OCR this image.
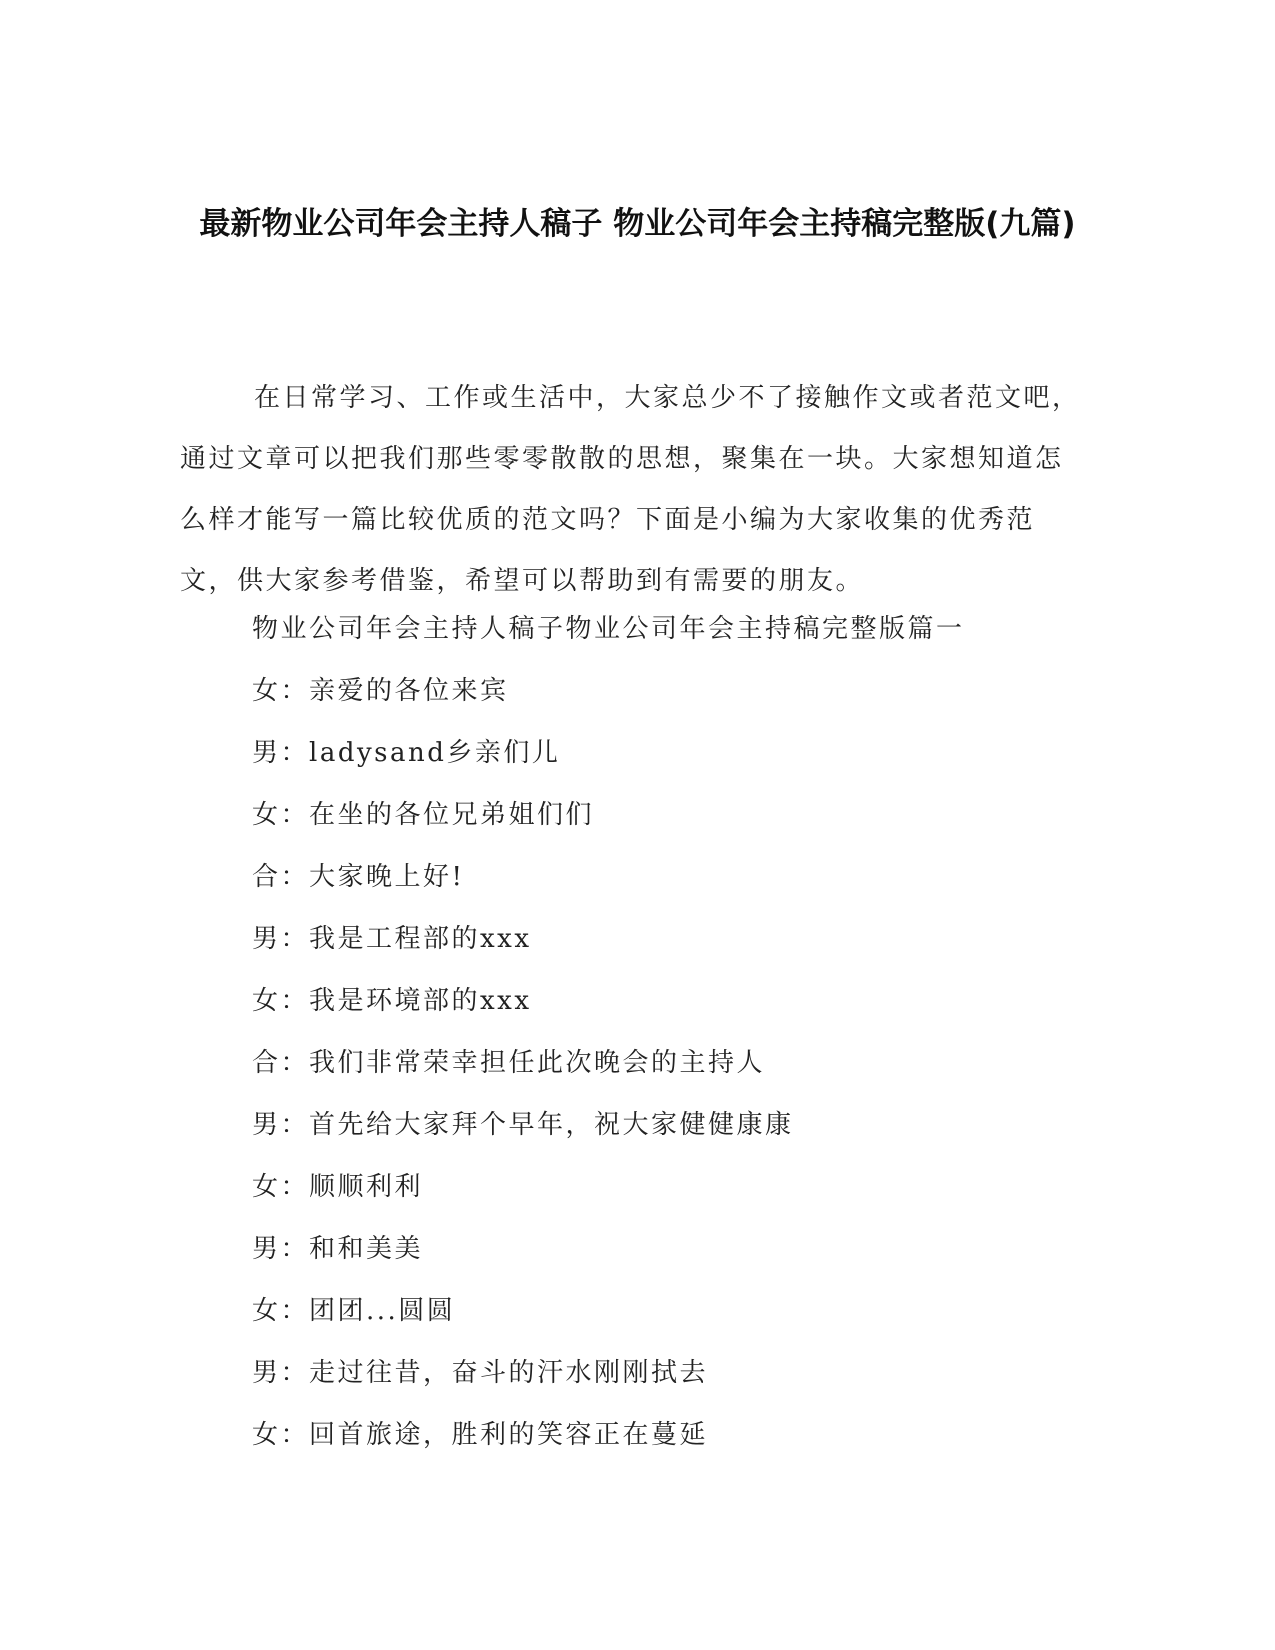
最新物业公司年会主持人稿子 物业公司年会主持稿完整版(九篇)

在日常学习、工作或生活中，大家总少不了接触作文或者范文吧，通过文章可以把我们那些零零散散的思想，聚集在一块。大家想知道怎么样才能写一篇比较优质的范文吗？下面是小编为大家收集的优秀范文，供大家参考借鉴，希望可以帮助到有需要的朋友。

物业公司年会主持人稿子物业公司年会主持稿完整版篇一
女：亲爱的各位来宾
男：ladysand乡亲们儿
女：在坐的各位兄弟姐们们
合：大家晚上好!
男：我是工程部的xxx
女：我是环境部的xxx
合：我们非常荣幸担任此次晚会的主持人
男：首先给大家拜个早年，祝大家健健康康
女：顺顺利利
男：和和美美
女：团团...圆圆
男：走过往昔，奋斗的汗水刚刚拭去
女：回首旅途，胜利的笑容正在蔓延
